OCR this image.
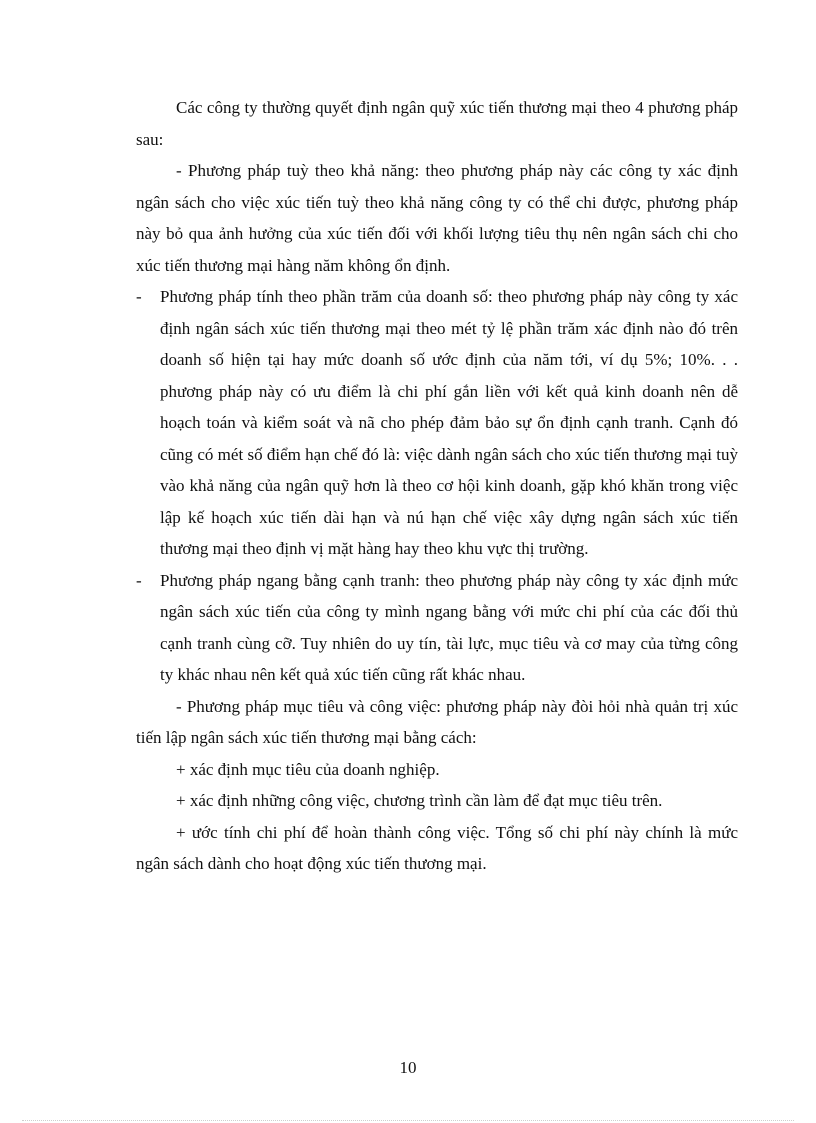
Các công ty thường quyết định ngân quỹ xúc tiến thương mại theo 4 phương pháp sau:

- Phương pháp tuỳ theo khả năng: theo phương pháp này các công ty xác định ngân sách cho việc xúc tiến tuỳ theo khả năng công ty có thể chi được, phương pháp này bỏ qua ảnh hưởng của xúc tiến đối với khối lượng tiêu thụ nên ngân sách chi cho xúc tiến thương mại hàng năm không ổn định.

- Phương pháp tính theo phần trăm của doanh số: theo phương pháp này công ty xác định ngân sách xúc tiến thương mại theo mét tỷ lệ phần trăm xác định nào đó trên doanh số hiện tại hay mức doanh số ước định của năm tới, ví dụ 5%; 10%. . . phương pháp này có ưu điểm là chi phí gắn liền với kết quả kinh doanh nên dễ hoạch toán và kiểm soát và nã cho phép đảm bảo sự ổn định cạnh tranh. Cạnh đó cũng có mét số điểm hạn chế đó là: việc dành ngân sách cho xúc tiến thương mại tuỳ vào khả năng của ngân quỹ hơn là theo cơ hội kinh doanh, gặp khó khăn trong việc lập kế hoạch xúc tiến dài hạn và nú hạn chế việc xây dựng ngân sách xúc tiến thương mại theo định vị mặt hàng hay theo khu vực thị trường.

- Phương pháp ngang bằng cạnh tranh: theo phương pháp này công ty xác định mức ngân sách xúc tiến của công ty mình ngang bằng với mức chi phí của các đối thủ cạnh tranh cùng cỡ. Tuy nhiên do uy tín, tài lực, mục tiêu và cơ may của từng công ty khác nhau nên kết quả xúc tiến cũng rất khác nhau.

- Phương pháp mục tiêu và công việc: phương pháp này đòi hỏi nhà quản trị xúc tiến lập ngân sách xúc tiến thương mại bằng cách:

+ xác định mục tiêu của doanh nghiệp.

+ xác định những công việc, chương trình cần làm để đạt mục tiêu trên.

+ ước tính chi phí để hoàn thành công việc. Tổng số chi phí này chính là mức ngân sách dành cho hoạt động xúc tiến thương mại.

10
